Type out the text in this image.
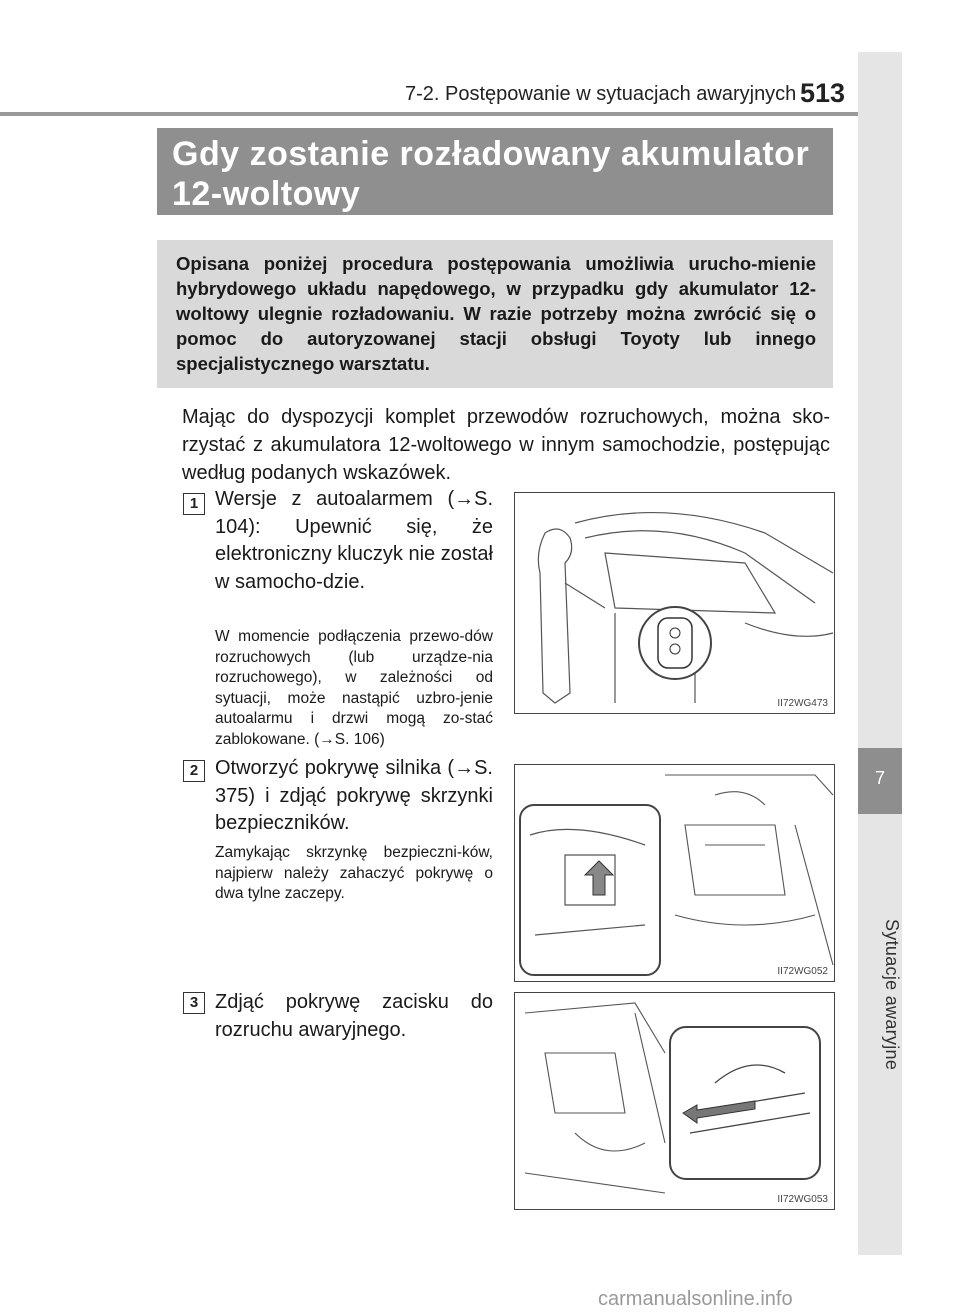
7-2. Postępowanie w sytuacjach awaryjnych 513
7
Sytuacje awaryjne
Gdy zostanie rozładowany akumulator 12-woltowy
Opisana poniżej procedura postępowania umożliwia urucho-mienie hybrydowego układu napędowego, w przypadku gdy akumulator 12-woltowy ulegnie rozładowaniu. W razie potrzeby można zwrócić się o pomoc do autoryzowanej stacji obsługi Toyoty lub innego specjalistycznego warsztatu.
Mając do dyspozycji komplet przewodów rozruchowych, można sko-rzystać z akumulatora 12-woltowego w innym samochodzie, postępując według podanych wskazówek.
1 Wersje z autoalarmem (→S. 104): Upewnić się, że elektroniczny kluczyk nie został w samocho-dzie.
W momencie podłączenia przewo-dów rozruchowych (lub urządze-nia rozruchowego), w zależności od sytuacji, może nastąpić uzbro-jenie autoalarmu i drzwi mogą zo-stać zablokowane. (→S. 106)
II72WG473
2 Otworzyć pokrywę silnika (→S. 375) i zdjąć pokrywę skrzynki bezpieczników.
Zamykając skrzynkę bezpieczni-ków, najpierw należy zahaczyć pokrywę o dwa tylne zaczepy.
II72WG052
3 Zdjąć pokrywę zacisku do rozruchu awaryjnego.
II72WG053
carmanualsonline.info
